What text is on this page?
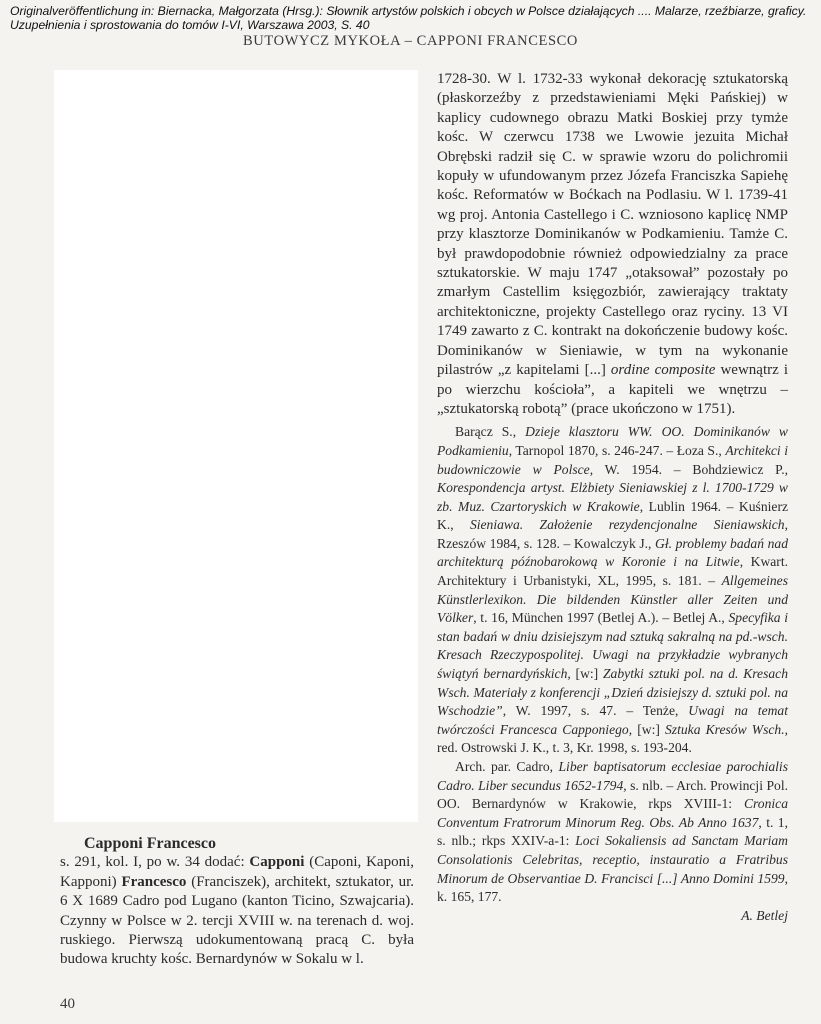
Originalveröffentlichung in: Biernacka, Małgorzata (Hrsg.): Słownik artystów polskich i obcych w Polsce działających .... Malarze, rzeźbiarze, graficy.
Uzupełnienia i sprostowania do tomów I-VI, Warszawa 2003, S. 40
BUTOWYCZ MYKOŁA – CAPPONI FRANCESCO
Capponi Francesco
s. 291, kol. I, po w. 34 dodać: Capponi (Caponi, Kaponi, Kapponi) Francesco (Franciszek), architekt, sztukator, ur. 6 X 1689 Cadro pod Lugano (kanton Ticino, Szwajcaria). Czynny w Polsce w 2. tercji XVIII w. na terenach d. woj. ruskiego. Pierwszą udokumentowaną pracą C. była budowa kruchty kośc. Bernardynów w Sokalu w l.

1728-30. W l. 1732-33 wykonał dekorację sztukatorską (płaskorzeźby z przedstawieniami Męki Pańskiej) w kaplicy cudownego obrazu Matki Boskiej przy tymże kośc. W czerwcu 1738 we Lwowie jezuita Michał Obrębski radził się C. w sprawie wzoru do polichromii kopuły w ufundowanym przez Józefa Franciszka Sapiehę kośc. Reformatów w Boćkach na Podlasiu. W l. 1739-41 wg proj. Antonia Castellego i C. wzniosono kaplicę NMP przy klasztorze Dominikanów w Podkamieniu. Tamże C. był prawdopodobnie również odpowiedzialny za prace sztukatorskie. W maju 1747 „otaksował” pozostały po zmarłym Castellim księgozbiór, zawierający traktaty architektoniczne, projekty Castellego oraz ryciny. 13 VI 1749 zawarto z C. kontrakt na dokończenie budowy kośc. Dominikanów w Sieniawie, w tym na wykonanie pilastrów „z kapitelami [...] ordine composite wewnątrz i po wierzchu kościoła”, a kapiteli we wnętrzu – „sztukatorską robotą” (prace ukończono w 1751).

Barącz S., Dzieje klasztoru WW. OO. Dominikanów w Podkamieniu, Tarnopol 1870, s. 246-247. – Łoza S., Architekci i budowniczowie w Polsce, W. 1954. – Bohdziewicz P., Korespondencja artyst. Elżbiety Sieniawskiej z l. 1700-1729 w zb. Muz. Czartoryskich w Krakowie, Lublin 1964. – Kuśnierz K., Sieniawa. Założenie rezydencjonalne Sieniawskich, Rzeszów 1984, s. 128. – Kowalczyk J., Gł. problemy badań nad architekturą późnobarokową w Koronie i na Litwie, Kwart. Architektury i Urbanistyki, XL, 1995, s. 181. – Allgemeines Künstlerlexikon. Die bildenden Künstler aller Zeiten und Völker, t. 16, München 1997 (Betlej A.). – Betlej A., Specyfika i stan badań w dniu dzisiejszym nad sztuką sakralną na pd.-wsch. Kresach Rzeczypospolitej. Uwagi na przykładzie wybranych świątyń bernardyńskich, [w:] Zabytki sztuki pol. na d. Kresach Wsch. Materiały z konferencji „Dzień dzisiejszy d. sztuki pol. na Wschodzie”, W. 1997, s. 47. – Tenże, Uwagi na temat twórczości Francesca Capponiego, [w:] Sztuka Kresów Wsch., red. Ostrowski J. K., t. 3, Kr. 1998, s. 193-204.

Arch. par. Cadro, Liber baptisatorum ecclesiae parochialis Cadro. Liber secundus 1652-1794, s. nlb. – Arch. Prowincji Pol. OO. Bernardynów w Krakowie, rkps XVIII-1: Cronica Conventum Fratrorum Minorum Reg. Obs. Ab Anno 1637, t. 1, s. nlb.; rkps XXIV-a-1: Loci Sokaliensis ad Sanctam Mariam Consolationis Celebritas, receptio, instauratio a Fratribus Minorum de Observantiae D. Francisci [...] Anno Domini 1599, k. 165, 177.

A. Betlej
40
